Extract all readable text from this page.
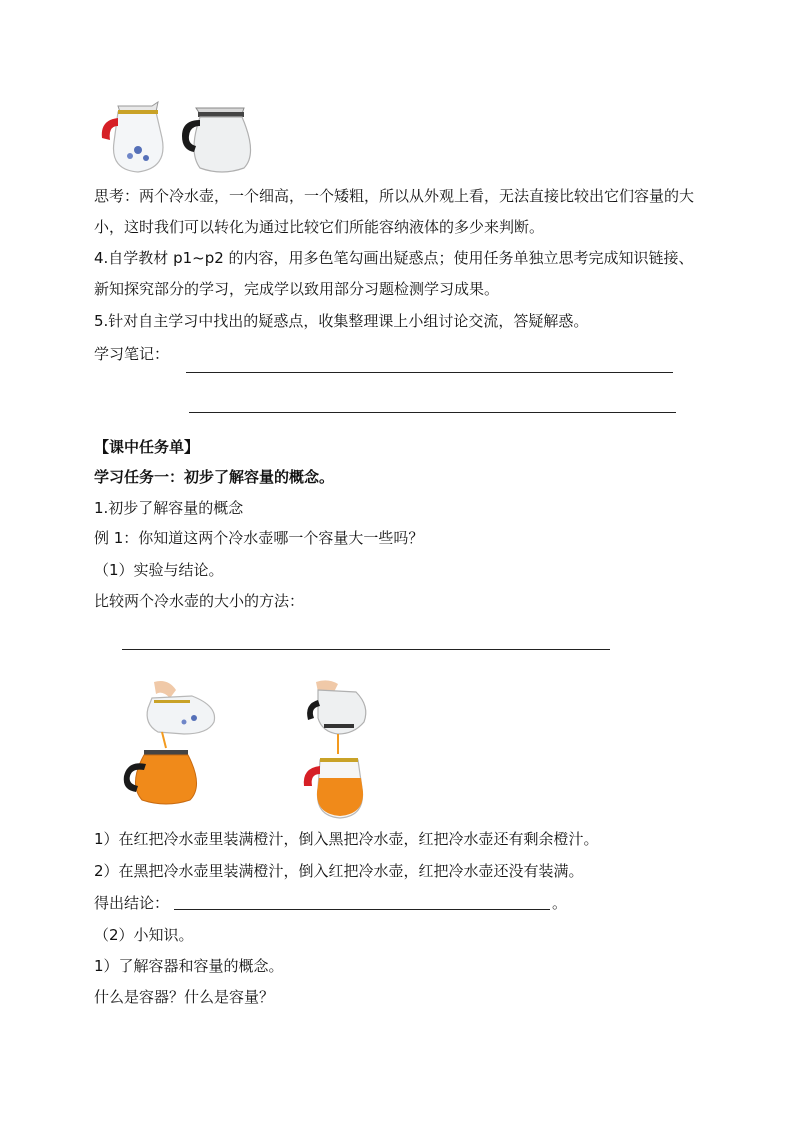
思考：两个冷水壶，一个细高，一个矮粗，所以从外观上看，无法直接比较出它们容量的大
小，这时我们可以转化为通过比较它们所能容纳液体的多少来判断。
4.自学教材 p1~p2 的内容，用多色笔勾画出疑惑点；使用任务单独立思考完成知识链接、
新知探究部分的学习，完成学以致用部分习题检测学习成果。
5.针对自主学习中找出的疑惑点，收集整理课上小组讨论交流，答疑解惑。
学习笔记：
【课中任务单】
学习任务一：初步了解容量的概念。
1.初步了解容量的概念
例 1：你知道这两个冷水壶哪一个容量大一些吗？
（1）实验与结论。
比较两个冷水壶的大小的方法：
1）在红把冷水壶里装满橙汁，倒入黑把冷水壶，红把冷水壶还有剩余橙汁。
2）在黑把冷水壶里装满橙汁，倒入红把冷水壶，红把冷水壶还没有装满。
得出结论：	。
（2）小知识。
1）了解容器和容量的概念。
什么是容器？什么是容量？
